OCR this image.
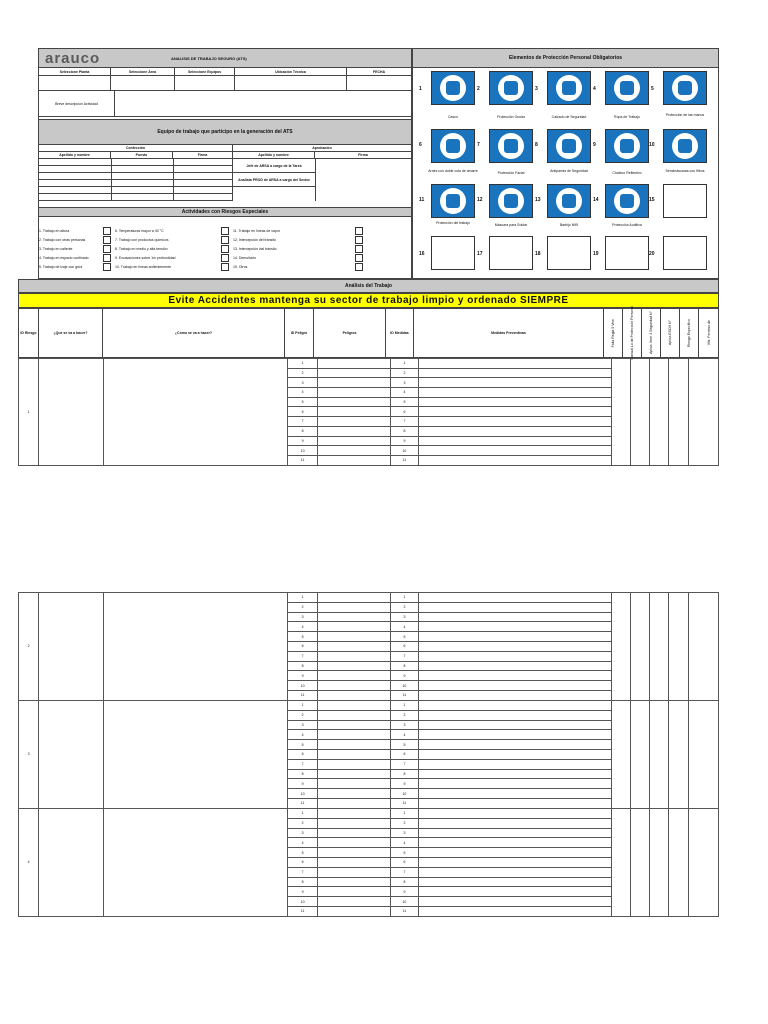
arauco	ANALISIS DE TRABAJO SEGURO (ATS)
Seleccione Planta	Seleccione Área	Seleccione Equipos	Ubicación Técnica	FECHA
Breve descripción Actividad
Equipo de trabajo que participo en la generación del ATS
Confección	Aprobación
Apellido y nombre	Puesto	Firma	Apellido y nombre	Firma
Jefe de ARSA a cargo de la Tarea
Analista PROD de ARSA a cargo del Sector
Actividades con Riesgos Especiales
1. Trabajo en altura
2. Trabajo con otras personas
3. Trabajo en caliente
4. Trabajo en espacio confinado
5. Trabajo de izaje con grúa
6. Temperaturas mayor a 40 °C
7. Trabajo con productos químicos
8. Trabajo en medio y alta tensión
9. Excavaciones sobre 1m profundidad
10. Trabajo en líneas ardientemente
11. Trabajo en líneas de vapor
12. Intercepción del tránsito
13. Intercepción vial tránsito
14. Demolición
15. Otros
Elementos de Protección Personal Obligatorios
1	2	3	4	5
Casco	Protección Ocular	Calzado de Seguridad	Ropa de Trabajo	Protección de las manos
6	7	8	9	10
Arnés con doble cola de amarre	Protección Facial	Antiparras de Seguridad	Chaleco Reflectivo	Semimáscaras con filtros
11	12	13	14	15
Protección del trabajo	Máscara para Soldar	Barbijo N95	Protección Auditiva
16	17	18	19	20
Análisis del Trabajo
Evite Accidentes mantenga su sector de trabajo limpio y ordenado SIEMPRE
ID Riesgo	¿Qué se va a hacer?	¿Cómo se va a hacer?	ID Peligro	Peligros	ID Medidas	Medidas Preventivas	Falla Regla 5 Vive	Manual Lo de Protección Personal	Aplica. Ítem 4 Seguridad N°	Aplica ESCH N°	Riesgo Específico	Vlls. Permiso de
1			1		1						
			2		2						
			3		3						
			4		4						
			5		5						
			6		6						
			7		7						
			8		8						
			9		9						
			10		10						
			11		11						
2			1		1						
			2		2						
			3		3						
			4		4						
			5		5						
			6		6						
			7		7						
			8		8						
			9		9						
			10		10						
			11		11						
3			1		1						
			2		2						
			3		3						
			4		4						
			5		5						
			6		6						
			7		7						
			8		8						
			9		9						
			10		10						
			11		11						
4			1		1						
			2		2						
			3		3						
			4		4						
			5		5						
			6		6						
			7		7						
			8		8						
			9		9						
			10		10						
			11		11						
